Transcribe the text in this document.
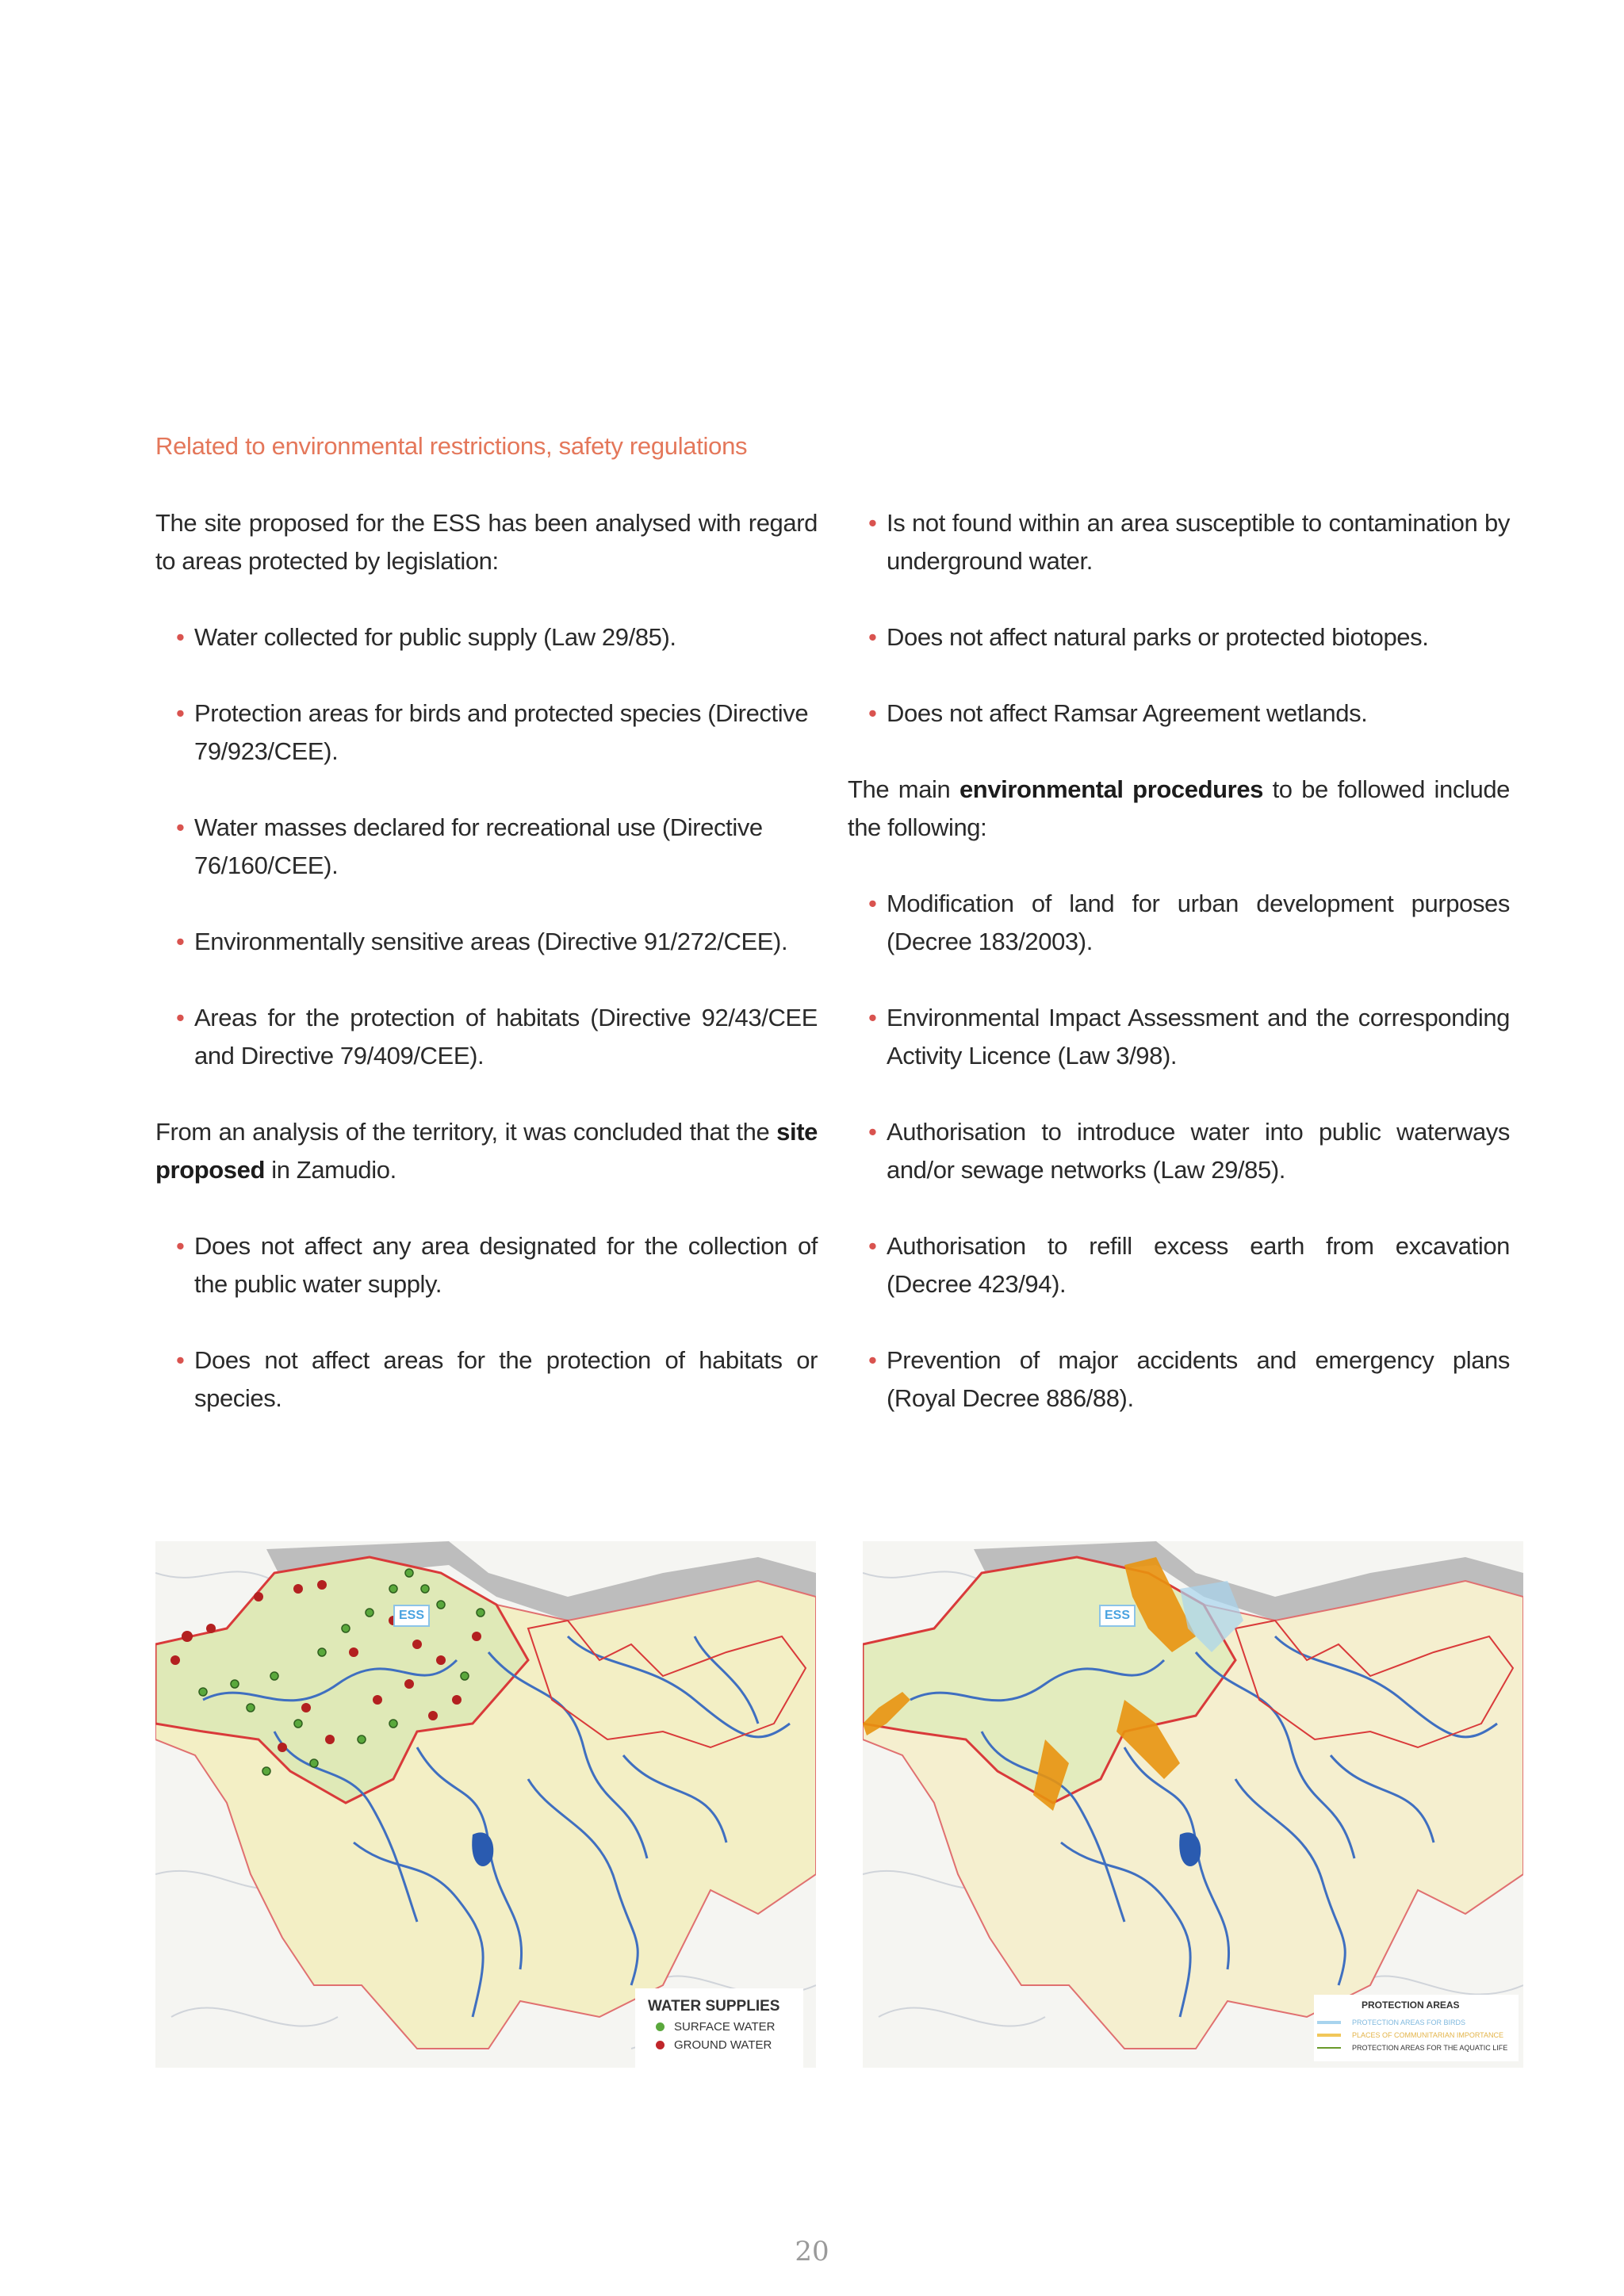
Related to environmental restrictions, safety regulations

The site proposed for the ESS has been analysed with regard to areas protected by legislation:

• Water collected for public supply (Law 29/85).
• Protection areas for birds and protected species (Directive 79/923/CEE).
• Water masses declared for recreational use (Directive 76/160/CEE).
• Environmentally sensitive areas (Directive 91/272/CEE).
• Areas for the protection of habitats (Directive 92/43/CEE and Directive 79/409/CEE).

From an analysis of the territory, it was concluded that the site proposed in Zamudio.

• Does not affect any area designated for the collection of the public water supply.
• Does not affect areas for the protection of habitats or species.
• Is not found within an area susceptible to contamination by underground water.
• Does not affect natural parks or protected biotopes.
• Does not affect Ramsar Agreement wetlands.

The main environmental procedures to be followed include the following:

• Modification of land for urban development purposes (Decree 183/2003).
• Environmental Impact Assessment and the corresponding Activity Licence (Law 3/98).
• Authorisation to introduce water into public waterways and/or sewage networks (Law 29/85).
• Authorisation to refill excess earth from excavation (Decree 423/94).
• Prevention of major accidents and emergency plans (Royal Decree 886/88).
ESS
WATER SUPPLIES
SURFACE WATER
GROUND WATER
ESS
PROTECTION AREAS
PROTECTION AREAS FOR BIRDS
PLACES OF COMMUNITARIAN IMPORTANCE
PROTECTION AREAS FOR THE AQUATIC LIFE
20
